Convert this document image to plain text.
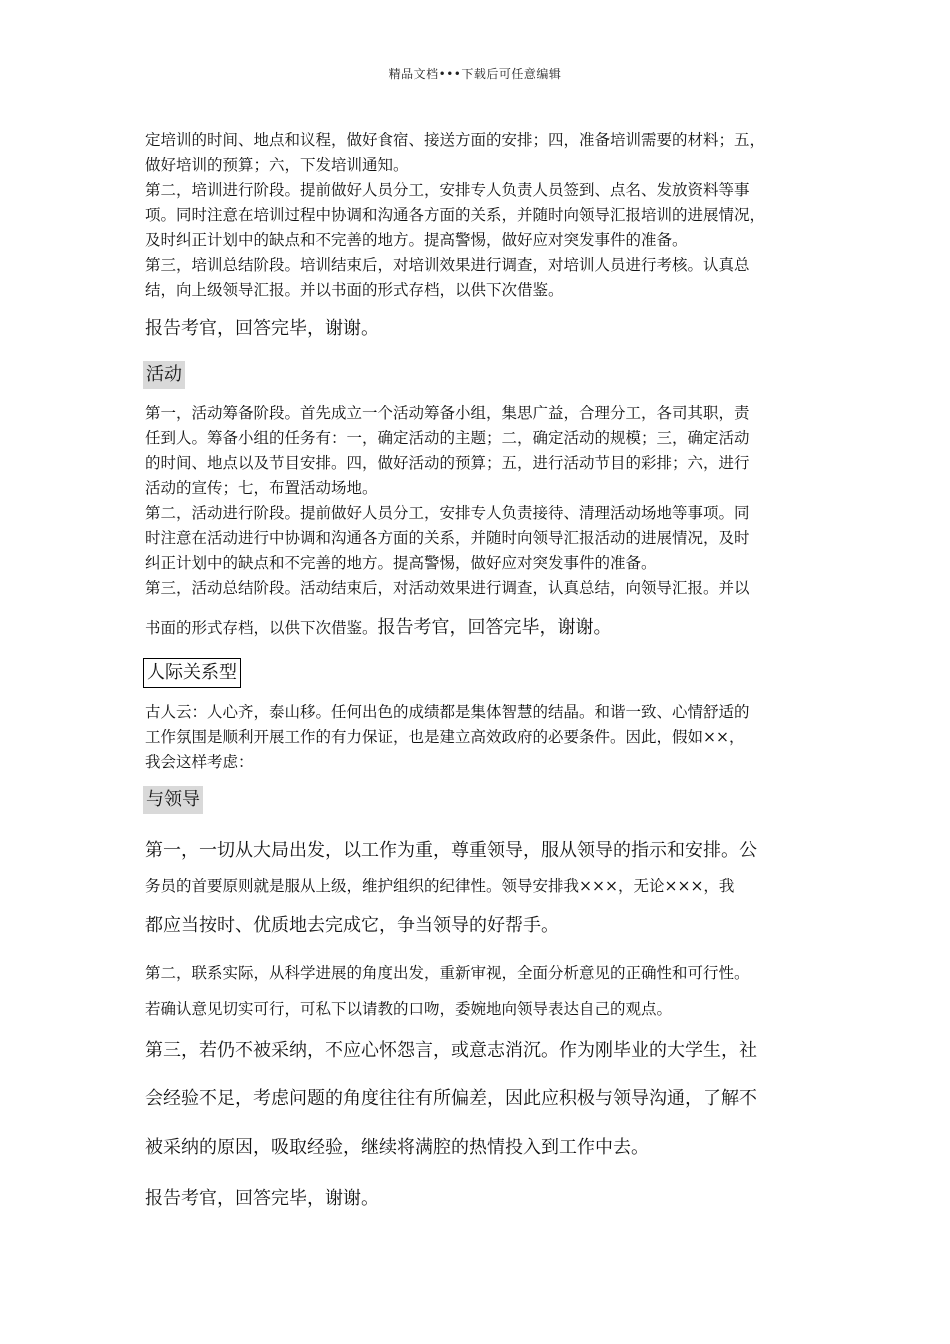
精品文档•••下载后可任意编辑
定培训的时间、地点和议程，做好食宿、接送方面的安排；四，准备培训需要的材料；五，
做好培训的预算；六，下发培训通知。
第二，培训进行阶段。提前做好人员分工，安排专人负责人员签到、点名、发放资料等事
项。同时注意在培训过程中协调和沟通各方面的关系，并随时向领导汇报培训的进展情况，
及时纠正计划中的缺点和不完善的地方。提高警惕，做好应对突发事件的准备。
第三，培训总结阶段。培训结束后，对培训效果进行调查，对培训人员进行考核。认真总
结，向上级领导汇报。并以书面的形式存档，以供下次借鉴。
报告考官，回答完毕，谢谢。
活动
第一，活动筹备阶段。首先成立一个活动筹备小组，集思广益，合理分工，各司其职，责
任到人。筹备小组的任务有：一，确定活动的主题；二，确定活动的规模；三，确定活动
的时间、地点以及节目安排。四，做好活动的预算；五，进行活动节目的彩排；六，进行
活动的宣传；七，布置活动场地。
第二，活动进行阶段。提前做好人员分工，安排专人负责接待、清理活动场地等事项。同
时注意在活动进行中协调和沟通各方面的关系，并随时向领导汇报活动的进展情况，及时
纠正计划中的缺点和不完善的地方。提高警惕，做好应对突发事件的准备。
第三，活动总结阶段。活动结束后，对活动效果进行调查，认真总结，向领导汇报。并以
书面的形式存档，以供下次借鉴。报告考官，回答完毕，谢谢。
人际关系型
古人云：人心齐，泰山移。任何出色的成绩都是集体智慧的结晶。和谐一致、心情舒适的
工作氛围是顺利开展工作的有力保证，也是建立高效政府的必要条件。因此，假如××，
我会这样考虑：
与领导
第一，一切从大局出发，以工作为重，尊重领导，服从领导的指示和安排。公
务员的首要原则就是服从上级，维护组织的纪律性。领导安排我×××，无论×××，我
都应当按时、优质地去完成它，争当领导的好帮手。
第二，联系实际，从科学进展的角度出发，重新审视，全面分析意见的正确性和可行性。
若确认意见切实可行，可私下以请教的口吻，委婉地向领导表达自己的观点。
第三，若仍不被采纳，不应心怀怨言，或意志消沉。作为刚毕业的大学生，社
会经验不足，考虑问题的角度往往有所偏差，因此应积极与领导沟通，了解不
被采纳的原因，吸取经验，继续将满腔的热情投入到工作中去。
报告考官，回答完毕，谢谢。
